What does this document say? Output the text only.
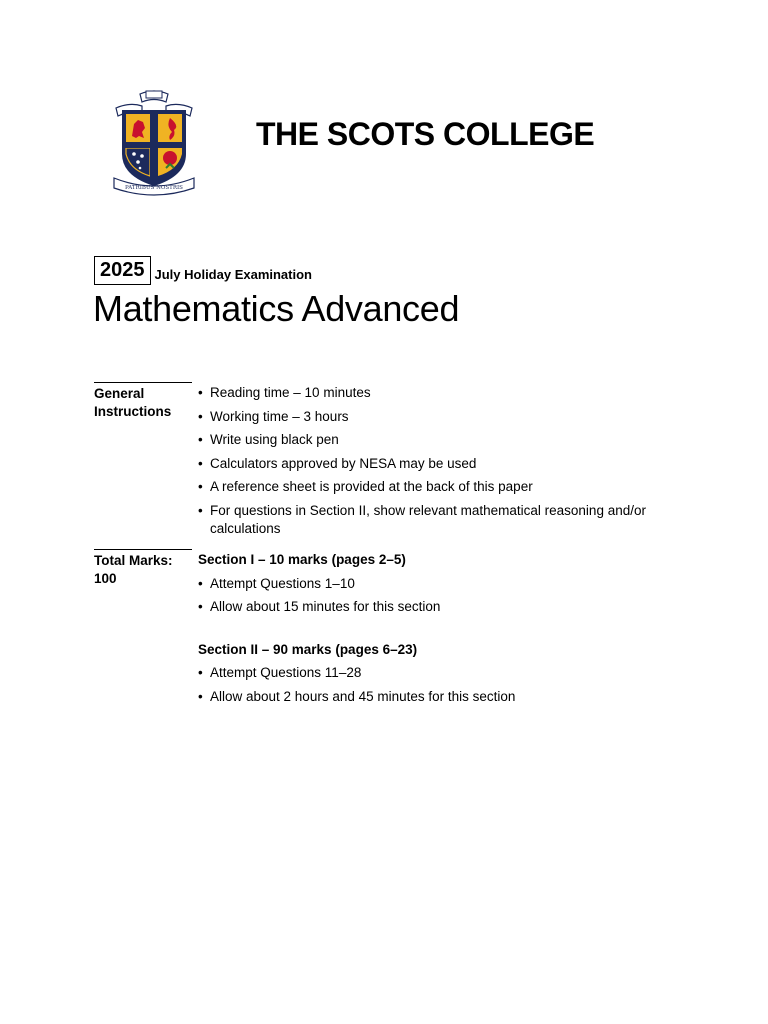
PATRIBUS NOSTRIS
THE SCOTS COLLEGE
2025 July Holiday Examination
Mathematics Advanced
General
Instructions
• Reading time – 10 minutes
• Working time – 3 hours
• Write using black pen
• Calculators approved by NESA may be used
• A reference sheet is provided at the back of this paper
• For questions in Section II, show relevant mathematical reasoning and/or calculations
Total Marks:
100
Section I – 10 marks (pages 2–5)
• Attempt Questions 1–10
• Allow about 15 minutes for this section
Section II – 90 marks (pages 6–23)
• Attempt Questions 11–28
• Allow about 2 hours and 45 minutes for this section
